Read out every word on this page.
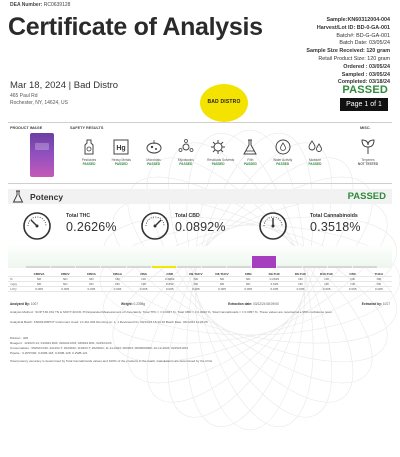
DEA Number: RC0639128
Certificate of Analysis	Sample:KN60312004-004
Harvest/Lot ID: BD-0-GA-001
Batch#: BD-G-GA-001
Batch Date: 03/05/24
Sample Size Received: 120 gram
Retail Product Size: 120 gram
Ordered : 03/05/24
Sampled : 03/05/24
Completed: 03/18/24
Mar 18, 2024 | Bad Distro
465 Paul Rd
Rochester, NY, 14624, US	BAD DISTRO
PASSED
Page 1 of 1
PRODUCT IMAGE	SAFETY RESULTS	MISC.
Pesticides
PASSED
Hg
Heavy Metals
PASSED
Microbials
PASSED
Mycotoxins
PASSED
Residuals Solvents
PASSED
Filth
PASSED
Water Activity
PASSED
Moisture
PASSED
Terpenes
NOT TESTED
Potency	PASSED
Total THC
0.2626%
Total CBD
0.0892%
Total Cannabinoids
0.3518%
CBDVA	CBDV	CBDA	CBGA	CBG	CBD	D9-THCV	D8-THCV	CBN	D9-THC	D8-THC	D10-THC	CBC	THCA
%	ND	ND	ND	ND	ND	0.0892	ND	ND	ND	0.2626	ND	ND	ND	ND
mg/g	ND	ND	ND	ND	ND	0.892	ND	ND	ND	2.626	ND	ND	ND	ND
LOQ	0.005	0.005	0.005	0.005	0.005	0.005	0.005	0.005	0.005	0.005	0.005	0.005	0.005	0.005
Analyzed By: 1007	Weight: 0.2395g	Extraction date: 03/12/24 08:09:00	Extracted by: 1017
Analysis Method : SOP.T.30.031 TN & SOP.T.40.031.TN Expanded Measurement of Uncertainty: Total THC = ± 0.0047 %, Total CBD = ± 0.0013 %, Total Cannabinoids = ± 0.0057 %. These values are reported at a 95% confidence level.
Analytical Batch: KN004193POT Instrument Used: LC-DA-004 Running on: 1, 1 Reviewed On: 03/13/24 15:44:10 Batch Date: 03/12/24 11:03:25
Dilution : 400
Reagent : 121623.14; 013024.R04; 020224.R03; 030624.R01; 021524.R3
Consumables : 052023.040; 221104.T; 2023032; 110323.T; 2023022; 11-11-2023; 003303; 0000000000; 22-12-2023; 021524.R04
Pipette : 0.2PP.002; 0.2WB-118; 0.2WB-126; 0.2WB-121
Total potency accuracy is determined by Total Cannabinoids values and 100% of the products in the batch. Calculations are determined by the COA.
